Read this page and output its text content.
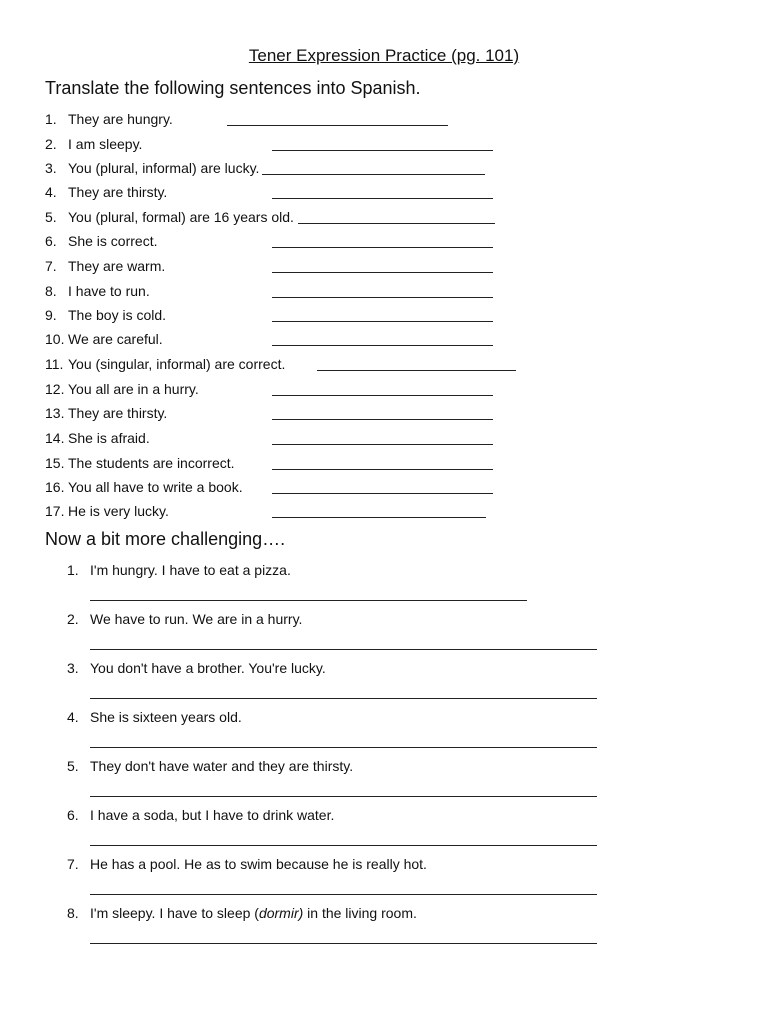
Tener Expression Practice (pg. 101)
Translate the following sentences into Spanish.
1. They are hungry.
2. I am sleepy.
3. You (plural, informal) are lucky.
4. They are thirsty.
5. You (plural, formal) are 16 years old.
6. She is correct.
7. They are warm.
8. I have to run.
9. The boy is cold.
10. We are careful.
11. You (singular, informal) are correct.
12. You all are in a hurry.
13. They are thirsty.
14. She is afraid.
15. The students are incorrect.
16. You all have to write a book.
17. He is very lucky.
Now a bit more challenging….
1. I'm hungry. I have to eat a pizza.
2. We have to run. We are in a hurry.
3. You don't have a brother. You're lucky.
4. She is sixteen years old.
5. They don't have water and they are thirsty.
6. I have a soda, but I have to drink water.
7. He has a pool. He as to swim because he is really hot.
8. I'm sleepy. I have to sleep (dormir) in the living room.
